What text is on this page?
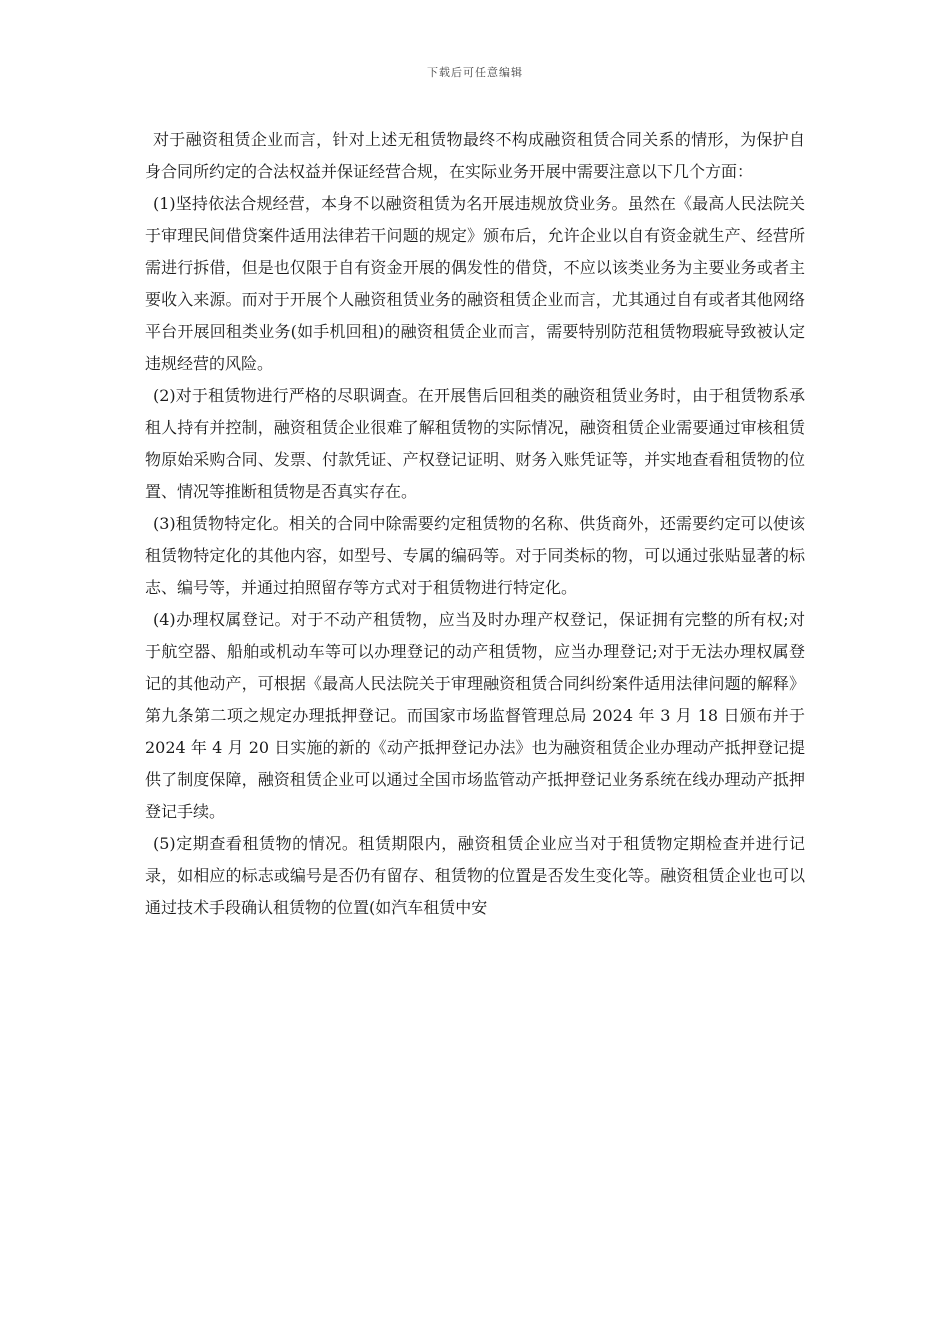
下载后可任意编辑

对于融资租赁企业而言，针对上述无租赁物最终不构成融资租赁合同关系的情形，为保护自身合同所约定的合法权益并保证经营合规，在实际业务开展中需要注意以下几个方面：

(1)坚持依法合规经营，本身不以融资租赁为名开展违规放贷业务。虽然在《最高人民法院关于审理民间借贷案件适用法律若干问题的规定》颁布后，允许企业以自有资金就生产、经营所需进行拆借，但是也仅限于自有资金开展的偶发性的借贷，不应以该类业务为主要业务或者主要收入来源。而对于开展个人融资租赁业务的融资租赁企业而言，尤其通过自有或者其他网络平台开展回租类业务(如手机回租)的融资租赁企业而言，需要特别防范租赁物瑕疵导致被认定违规经营的风险。

(2)对于租赁物进行严格的尽职调查。在开展售后回租类的融资租赁业务时，由于租赁物系承租人持有并控制，融资租赁企业很难了解租赁物的实际情况，融资租赁企业需要通过审核租赁物原始采购合同、发票、付款凭证、产权登记证明、财务入账凭证等，并实地查看租赁物的位置、情况等推断租赁物是否真实存在。

(3)租赁物特定化。相关的合同中除需要约定租赁物的名称、供货商外，还需要约定可以使该租赁物特定化的其他内容，如型号、专属的编码等。对于同类标的物，可以通过张贴显著的标志、编号等，并通过拍照留存等方式对于租赁物进行特定化。

(4)办理权属登记。对于不动产租赁物，应当及时办理产权登记，保证拥有完整的所有权;对于航空器、船舶或机动车等可以办理登记的动产租赁物，应当办理登记;对于无法办理权属登记的其他动产，可根据《最高人民法院关于审理融资租赁合同纠纷案件适用法律问题的解释》第九条第二项之规定办理抵押登记。而国家市场监督管理总局 2024 年 3 月 18 日颁布并于 2024 年 4 月 20 日实施的新的《动产抵押登记办法》也为融资租赁企业办理动产抵押登记提供了制度保障，融资租赁企业可以通过全国市场监管动产抵押登记业务系统在线办理动产抵押登记手续。

(5)定期查看租赁物的情况。租赁期限内，融资租赁企业应当对于租赁物定期检查并进行记录，如相应的标志或编号是否仍有留存、租赁物的位置是否发生变化等。融资租赁企业也可以通过技术手段确认租赁物的位置(如汽车租赁中安
